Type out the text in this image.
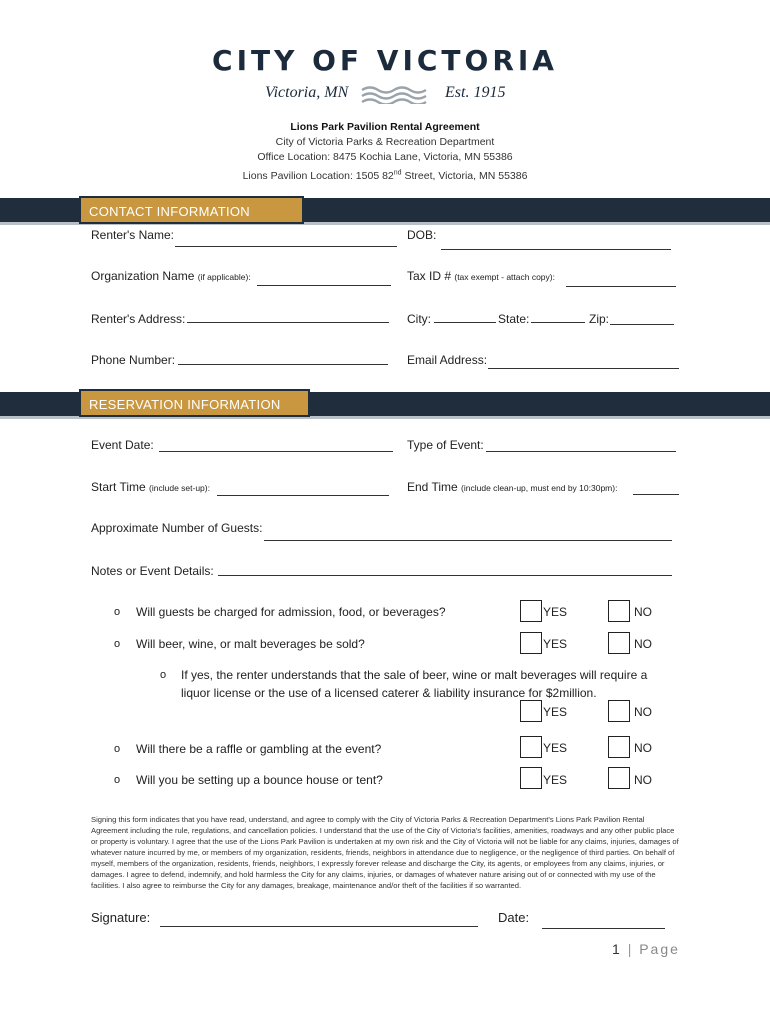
CITY OF VICTORIA
Victoria, MN	Est. 1915
Lions Park Pavilion Rental Agreement
City of Victoria Parks & Recreation Department
Office Location: 8475 Kochia Lane, Victoria, MN 55386
Lions Pavilion Location: 1505 82nd Street, Victoria, MN 55386
CONTACT INFORMATION
Renter's Name:	DOB:
Organization Name (if applicable):	Tax ID # (tax exempt - attach copy):
Renter's Address:	City:	State:	Zip:
Phone Number:	Email Address:
RESERVATION INFORMATION
Event Date:	Type of Event:
Start Time (include set-up):	End Time (include clean-up, must end by 10:30pm):
Approximate Number of Guests:
Notes or Event Details:
o Will guests be charged for admission, food, or beverages?	YES	NO
o Will beer, wine, or malt beverages be sold?	YES	NO
o If yes, the renter understands that the sale of beer, wine or malt beverages will require a
liquor license or the use of a licensed caterer & liability insurance for $2million.
YES	NO
o Will there be a raffle or gambling at the event?	YES	NO
o Will you be setting up a bounce house or tent?	YES	NO
Signing this form indicates that you have read, understand, and agree to comply with the City of Victoria Parks & Recreation Department's Lions Park Pavilion Rental Agreement including the rule, regulations, and cancellation policies. I understand that the use of the City of Victoria's facilities, amenities, roadways and any other public place or property is voluntary. I agree that the use of the Lions Park Pavilion is undertaken at my own risk and the City of Victoria will not be liable for any claims, injuries, damages of whatever nature incurred by me, or members of my organization, residents, friends, neighbors in attendance due to negligence, or the negligence of third parties. On behalf of myself, members of the organization, residents, friends, neighbors, I expressly forever release and discharge the City, its agents, or employees from any claims, injuries, or damages. I agree to defend, indemnify, and hold harmless the City for any claims, injuries, or damages of whatever nature arising out of or connected with my use of the facilities. I also agree to reimburse the City for any damages, breakage, maintenance and/or theft of the facilities if so warranted.
Signature:	Date:
1 | Page
